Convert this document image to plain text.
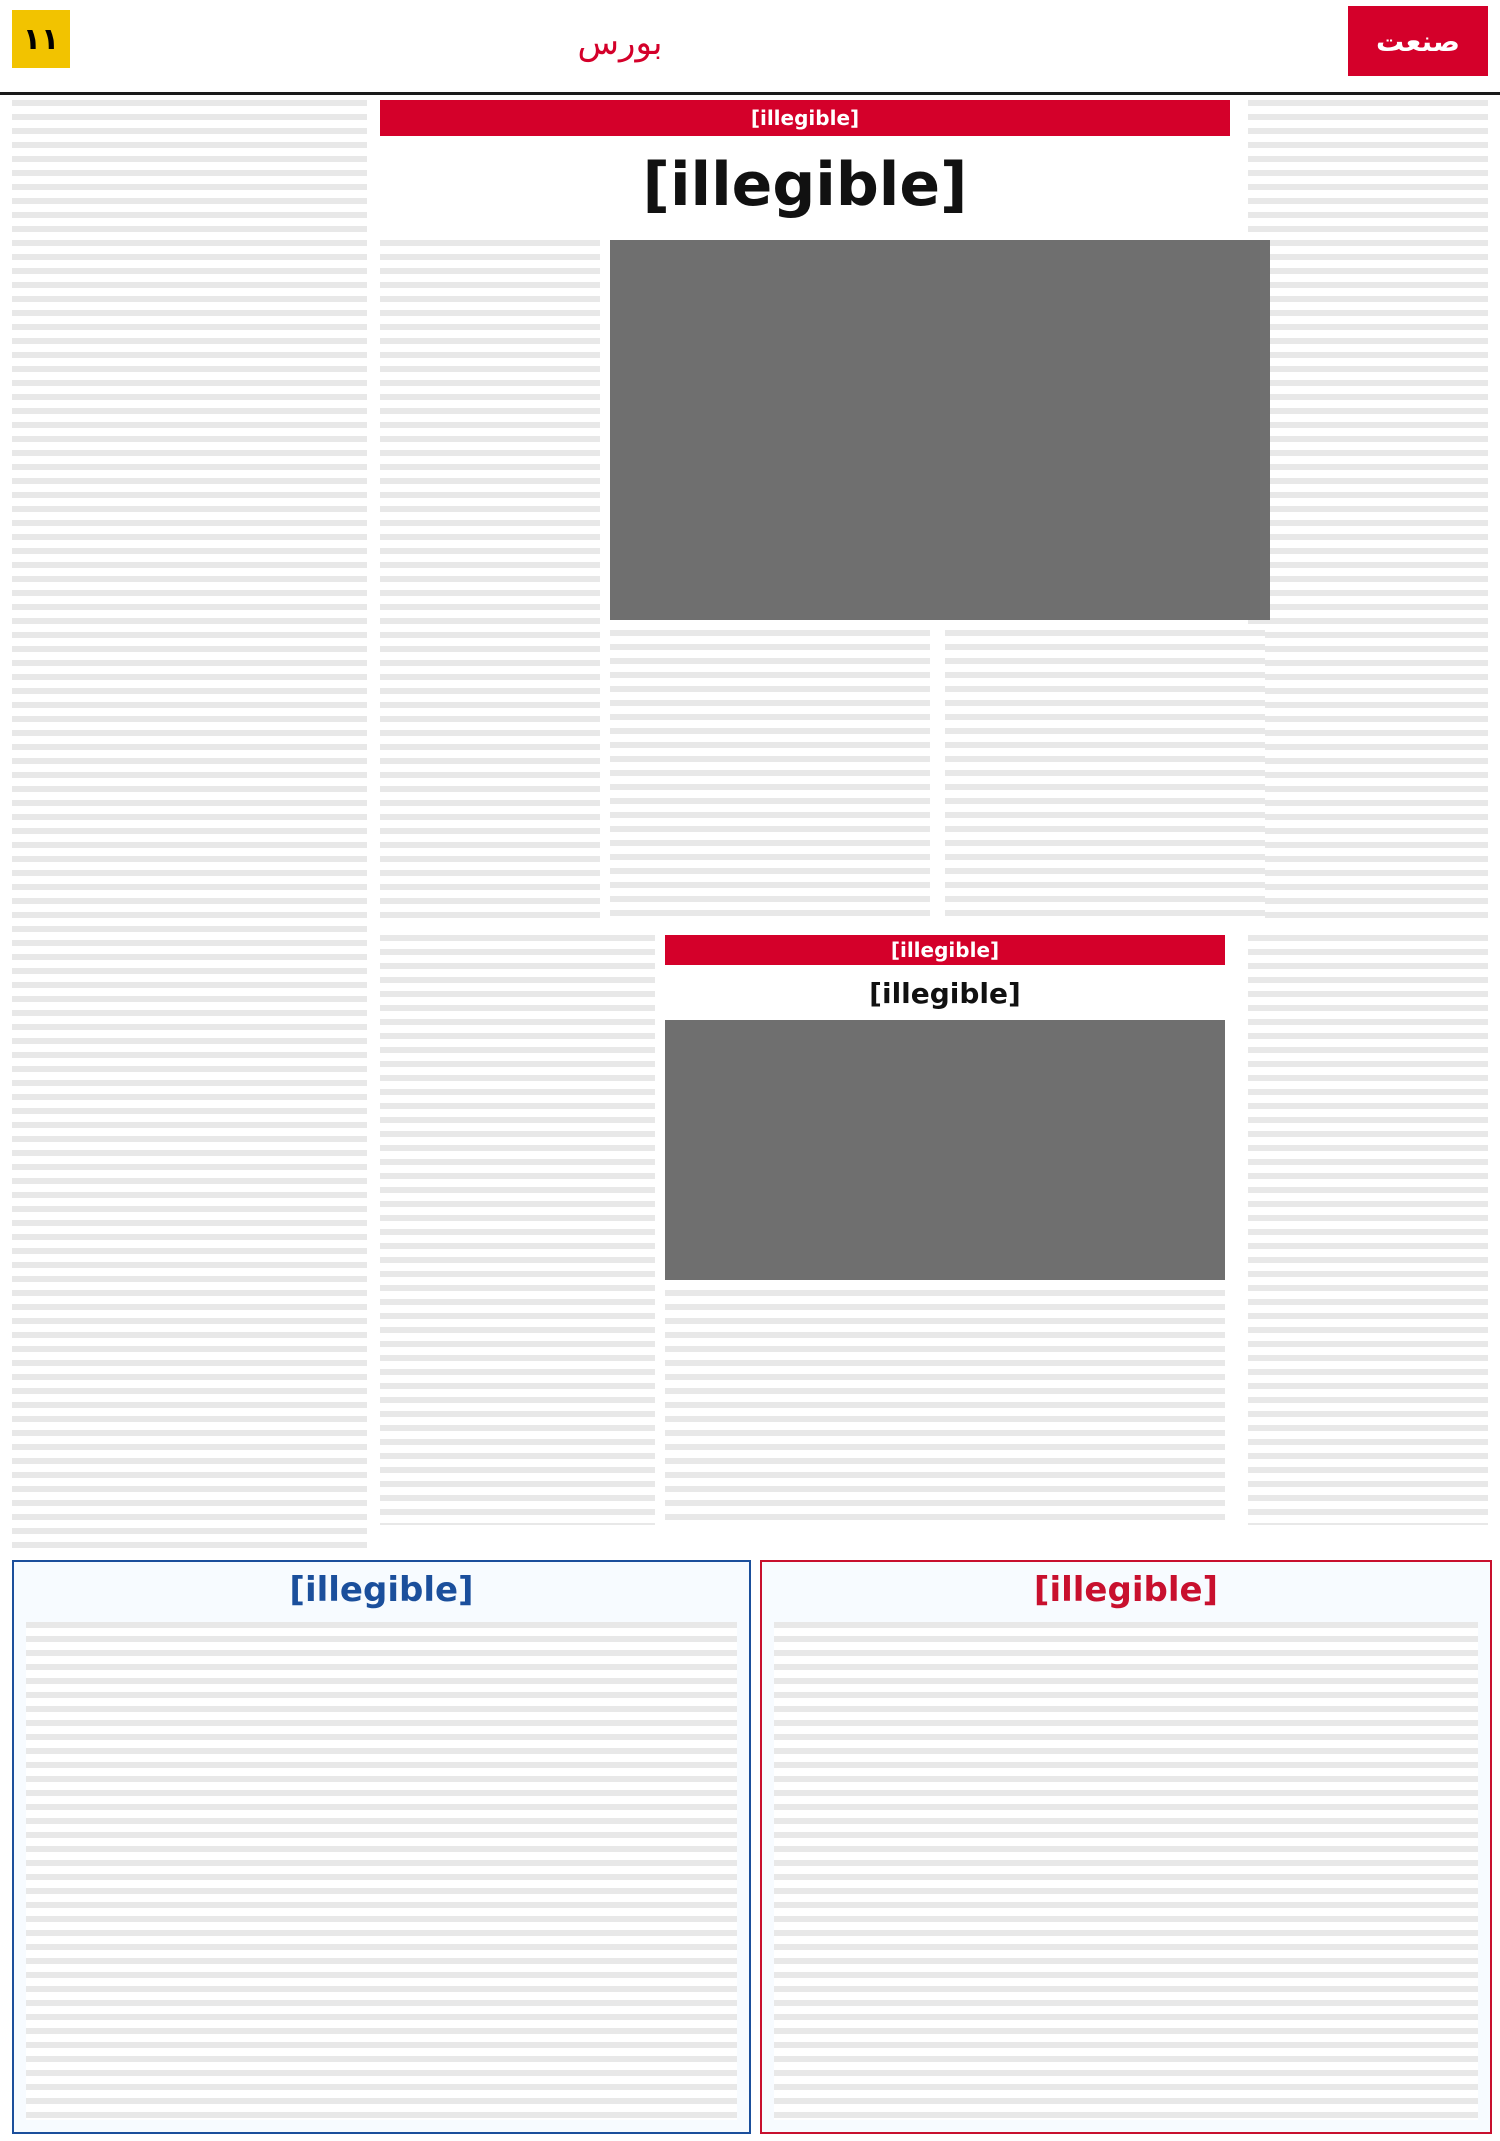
۱۱	بورس	صنعت
[illegible]
[illegible]
[illegible]
[illegible]
[illegible]	[illegible]
